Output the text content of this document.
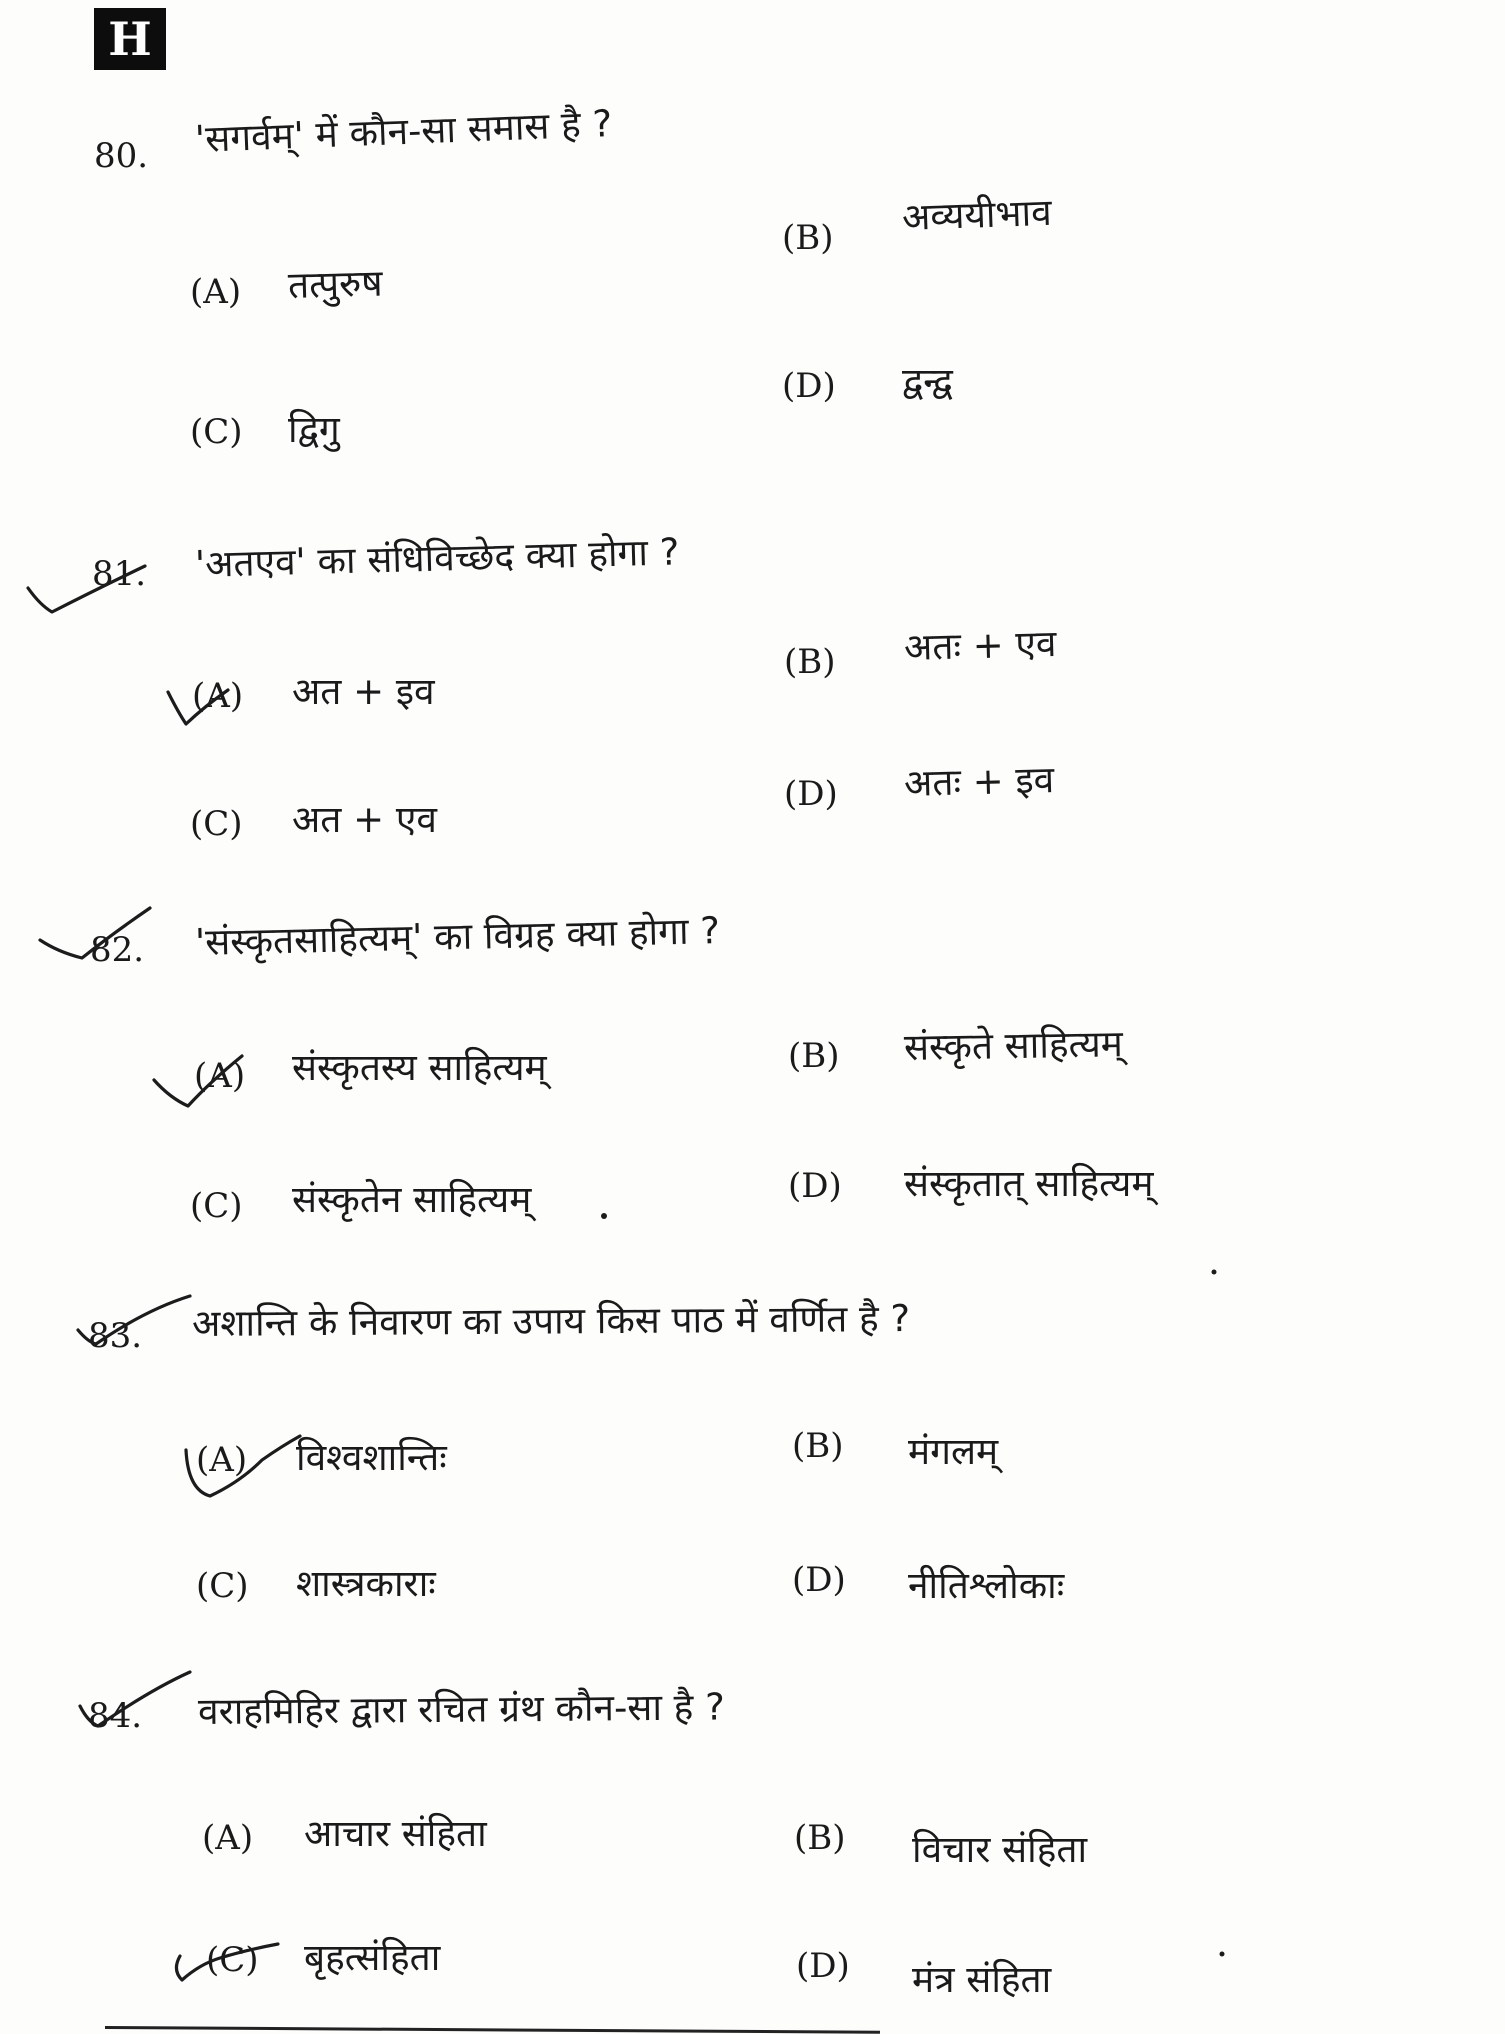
H
80. 'सगर्वम्' में कौन-सा समास है ?
(A) तत्पुरुष
(B) अव्ययीभाव
(C) द्विगु
(D) द्वन्द्व
81. 'अतएव' का संधिविच्छेद क्या होगा ?
(A) अत + इव
(B) अतः + एव
(C) अत + एव
(D) अतः + इव
82. 'संस्कृतसाहित्यम्' का विग्रह क्या होगा ?
(A) संस्कृतस्य साहित्यम्	(B) संस्कृते साहित्यम्
(C) संस्कृतेन साहित्यम्	(D) संस्कृतात् साहित्यम्
83. अशान्ति के निवारण का उपाय किस पाठ में वर्णित है ?
(A) विश्वशान्तिः	(B) मंगलम्
(C) शास्त्रकाराः	(D) नीतिश्लोकाः
84. वराहमिहिर द्वारा रचित ग्रंथ कौन-सा है ?
(A) आचार संहिता	(B) विचार संहिता
(C) बृहत्संहिता	(D) मंत्र संहिता
